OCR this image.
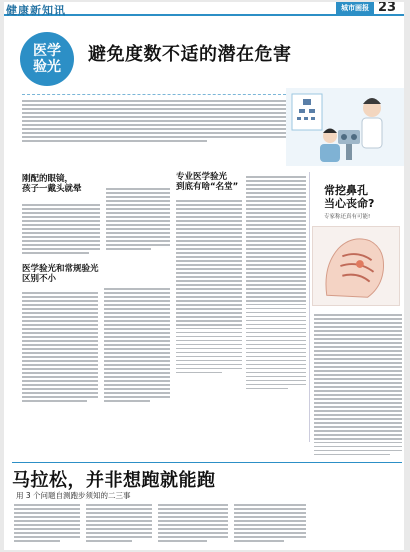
健康新知讯	城市画报 23
医学
验光
避免度数不适的潜在危害
刚配的眼镜，
孩子一戴头就晕
医学验光和常规验光
区别不小
专业医学验光
到底有啥“名堂”	常挖鼻孔
当心丧命?
专家称还真有可能!
马拉松，并非想跑就能跑
用 3 个问题自测跑步须知的二三事
